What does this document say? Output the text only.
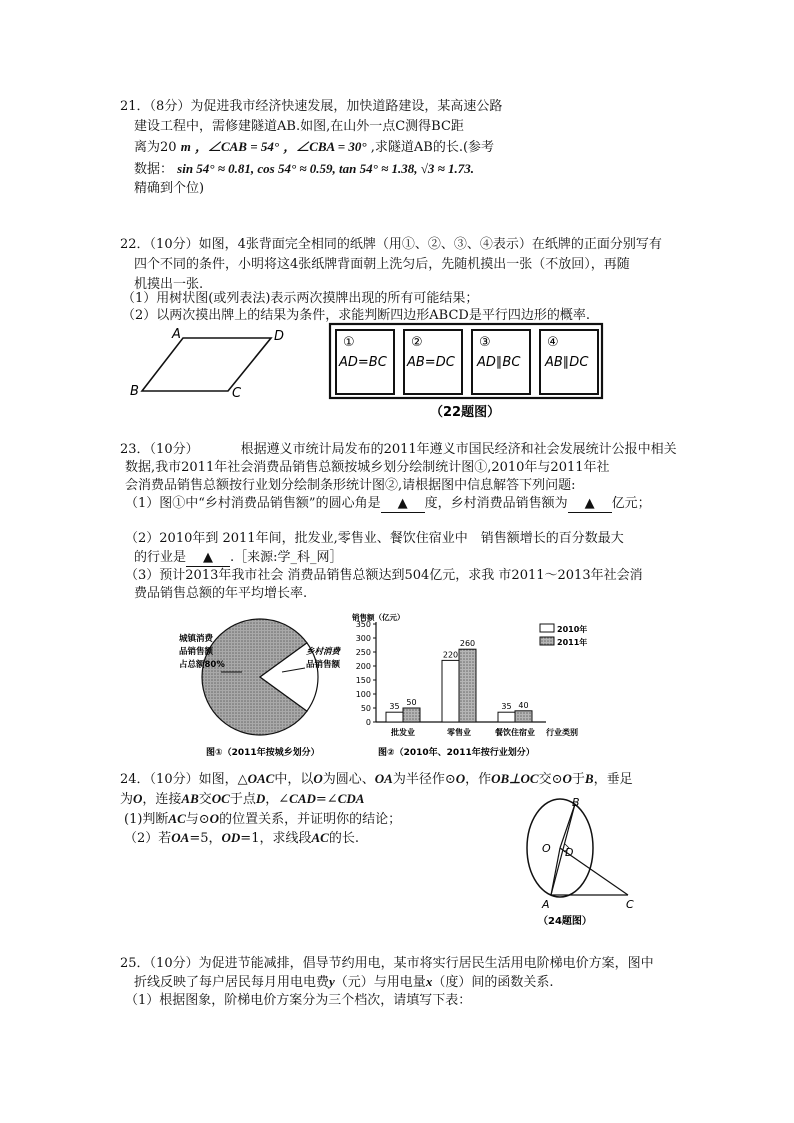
21．（8分）为促进我市经济快速发展，加快道路建设，某高速公路
建设工程中，需修建隧道AB.如图,在山外一点C测得BC距
离为20 m ，∠CAB = 54° ，∠CBA = 30° ,求隧道AB的长.(参考
数据： sin 54° ≈ 0.81, cos 54° ≈ 0.59, tan 54° ≈ 1.38, √3 ≈ 1.73.
精确到个位)
22．（10分）如图，4张背面完全相同的纸牌（用①、②、③、④表示）在纸牌的正面分别写有
四个不同的条件，小明将这4张纸牌背面朝上洗匀后，先随机摸出一张（不放回），再随
机摸出一张.
（1）用树状图(或列表法)表示两次摸牌出现的所有可能结果；
（2）以两次摸出牌上的结果为条件，求能判断四边形ABCD是平行四边形的概率.
A	D
B	C
①
AD=BC
②
AB=DC
③
AD∥BC
④
AB∥DC
（22题图）
23．（10分）	根据遵义市统计局发布的2011年遵义市国民经济和社会发展统计公报中相关
数据,我市2011年社会消费品销售总额按城乡划分绘制统计图①,2010年与2011年社
会消费品销售总额按行业划分绘制条形统计图②,请根据图中信息解答下列问题:
（1）图①中“乡村消费品销售额”的圆心角是 ▲ 度，乡村消费品销售额为 ▲ 亿元；
（2）2010年到 2011年间，批发业,零售业、餐饮住宿业中　销售额增长的百分数最大
的行业是 ▲ .［来源:学_科_网］
（3）预计2013年我市社会 消费品销售总额达到504亿元，求我 市2011～2013年社会消
费品销售总额的年平均增长率.
城镇消费
品销售额
占总额80%
乡村消费
品销售额
图①（2011年按城乡划分）
销售额（亿元）
0
50
100
150
200
250
300
350
35 50
批发业
220
260
零售业
35 40
餐饮住宿业 行业类别
2010年
2011年
图②（2010年、2011年按行业划分）
24．（10分）如图，△OAC中，以O为圆心、OA为半径作⊙O，作OB⊥OC交⊙O于B，垂足
为O，连接AB交OC于点D，∠CAD=∠CDA
(1)判断AC与⊙O的位置关系，并证明你的结论；
（2）若OA=5，OD=1，求线段AC的长.
B
O D
A	C
（24题图）
25．（10分）为促进节能减排，倡导节约用电，某市将实行居民生活用电阶梯电价方案，图中
折线反映了每户居民每月用电电费y（元）与用电量x（度）间的函数关系.
（1）根据图象，阶梯电价方案分为三个档次，请填写下表：
